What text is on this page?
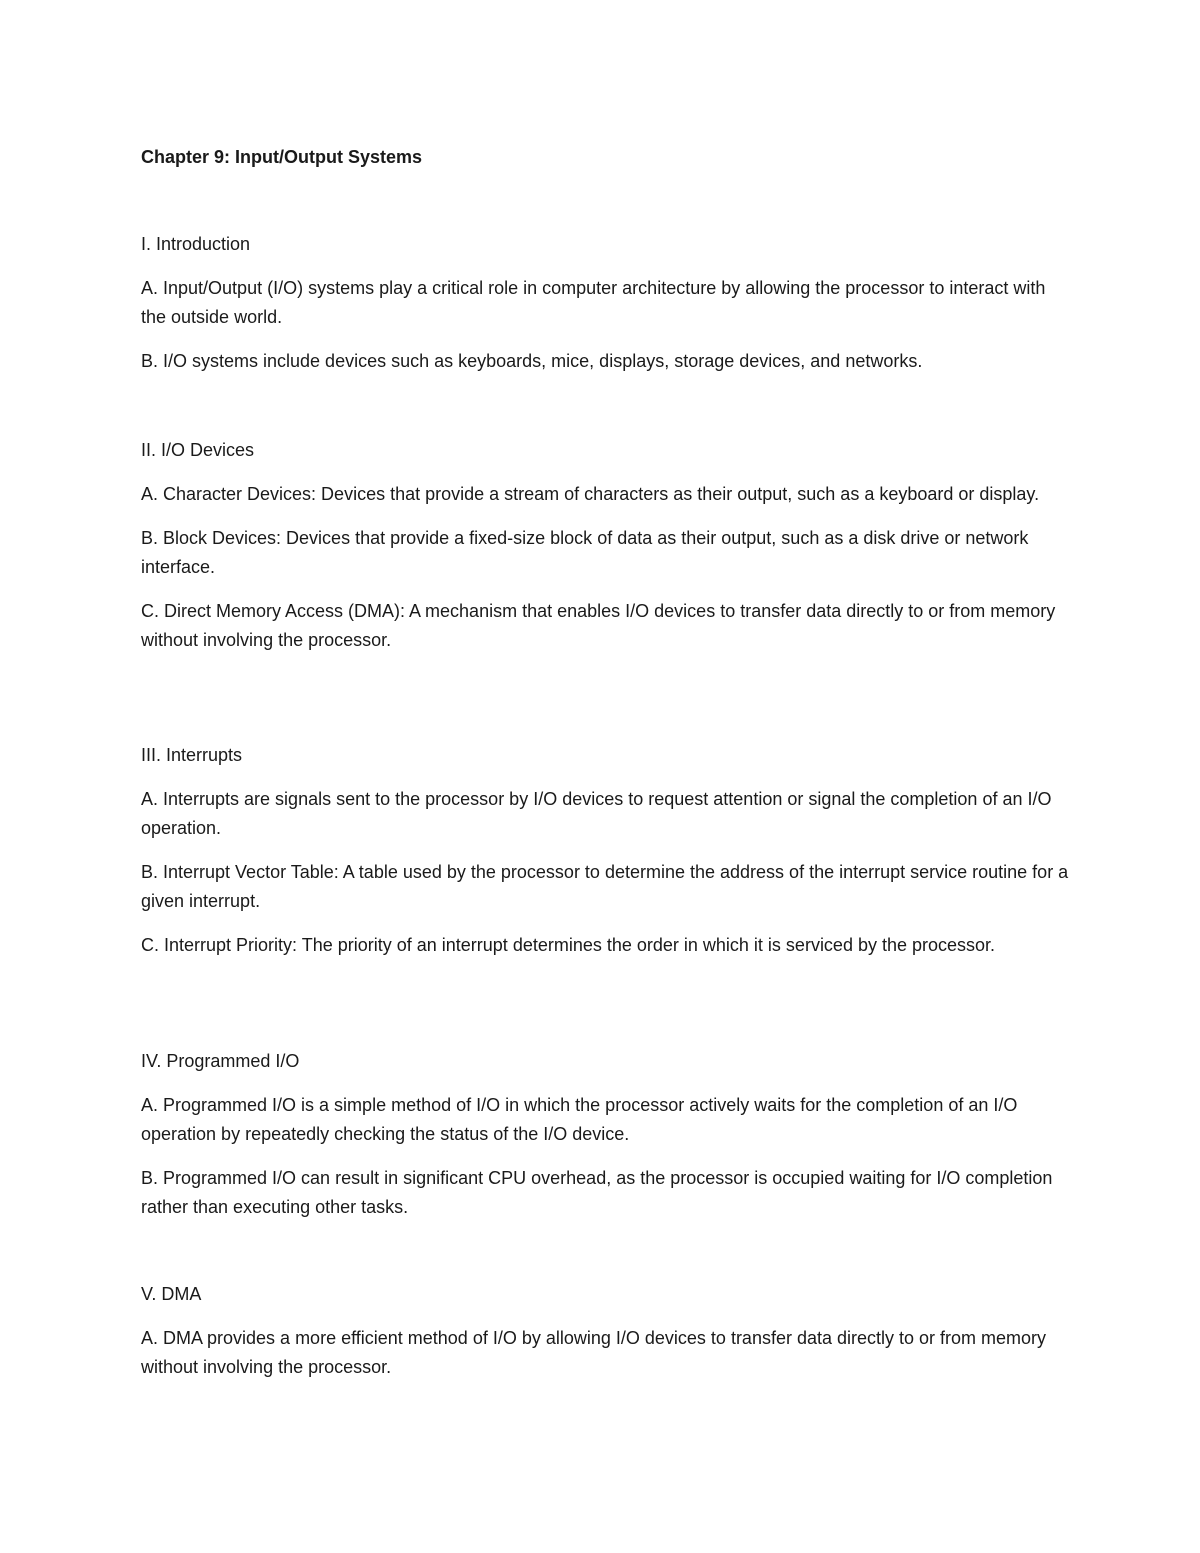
Chapter 9: Input/Output Systems

I. Introduction

A. Input/Output (I/O) systems play a critical role in computer architecture by allowing the processor to interact with the outside world.

B. I/O systems include devices such as keyboards, mice, displays, storage devices, and networks.

II. I/O Devices

A. Character Devices: Devices that provide a stream of characters as their output, such as a keyboard or display.

B. Block Devices: Devices that provide a fixed-size block of data as their output, such as a disk drive or network interface.

C. Direct Memory Access (DMA): A mechanism that enables I/O devices to transfer data directly to or from memory without involving the processor.

III. Interrupts

A. Interrupts are signals sent to the processor by I/O devices to request attention or signal the completion of an I/O operation.

B. Interrupt Vector Table: A table used by the processor to determine the address of the interrupt service routine for a given interrupt.

C. Interrupt Priority: The priority of an interrupt determines the order in which it is serviced by the processor.

IV. Programmed I/O

A. Programmed I/O is a simple method of I/O in which the processor actively waits for the completion of an I/O operation by repeatedly checking the status of the I/O device.

B. Programmed I/O can result in significant CPU overhead, as the processor is occupied waiting for I/O completion rather than executing other tasks.

V. DMA

A. DMA provides a more efficient method of I/O by allowing I/O devices to transfer data directly to or from memory without involving the processor.
